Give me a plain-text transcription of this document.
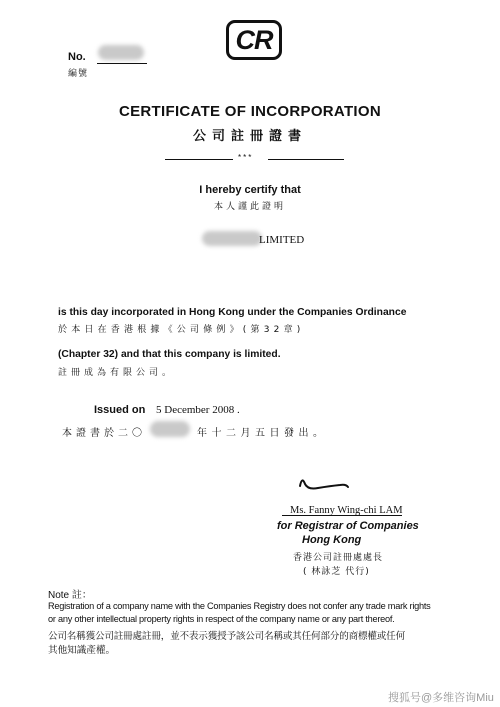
CR
No.
編號
CERTIFICATE OF INCORPORATION
公司註冊證書
***
I hereby certify that
本人謹此證明
LIMITED
is this day incorporated in Hong Kong under the Companies Ordinance
於本日在香港根據《公司條例》(第32章)
(Chapter 32) and that this company is limited.
註冊成為有限公司。
Issued on 5 December 2008 .
本證書於二〇	年十二月五日發出。
Ms. Fanny Wing-chi LAM
for Registrar of Companies
Hong Kong
香港公司註冊處處長
( 林詠芝 代行)
Note 註：
Registration of a company name with the Companies Registry does not confer any trade mark rights
or any other intellectual property rights in respect of the company name or any part thereof.
公司名稱獲公司註冊處註冊，並不表示獲授予該公司名稱或其任何部分的商標權或任何
其他知識產權。
搜狐号@多维咨询Miu
